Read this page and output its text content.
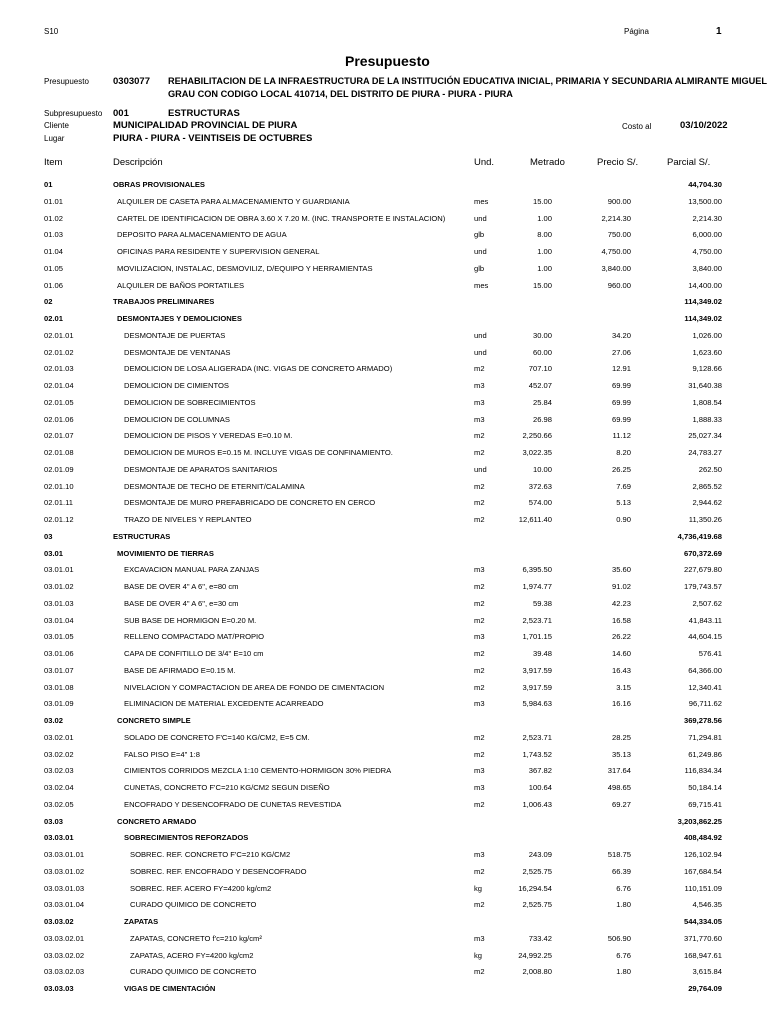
S10	Página	1
Presupuesto
Presupuesto	0303077 REHABILITACION DE LA INFRAESTRUCTURA DE LA INSTITUCIÓN EDUCATIVA INICIAL, PRIMARIA Y SECUNDARIA ALMIRANTE MIGUEL
GRAU CON CODIGO LOCAL 410714, DEL DISTRITO DE PIURA - PIURA - PIURA
Subpresupuesto 001	ESTRUCTURAS
Cliente	MUNICIPALIDAD PROVINCIAL DE PIURA	Costo al	03/10/2022
Lugar	PIURA - PIURA - VEINTISEIS DE OCTUBRES
Item	Descripción	Und.	Metrado	Precio S/.	Parcial S/.
01	OBRAS PROVISIONALES	44,704.30
01.01	ALQUILER DE CASETA PARA ALMACENAMIENTO Y GUARDIANIA	mes	15.00	900.00	13,500.00
01.02	CARTEL DE IDENTIFICACION DE OBRA 3.60 X 7.20 M. (INC. TRANSPORTE E INSTALACION)	und	1.00	2,214.30	2,214.30
01.03	DEPOSITO PARA ALMACENAMIENTO DE AGUA	glb	8.00	750.00	6,000.00
01.04	OFICINAS PARA RESIDENTE Y SUPERVISION GENERAL	und	1.00	4,750.00	4,750.00
01.05	MOVILIZACION, INSTALAC, DESMOVILIZ, D/EQUIPO Y HERRAMIENTAS	glb	1.00	3,840.00	3,840.00
01.06	ALQUILER DE BAÑOS PORTATILES	mes	15.00	960.00	14,400.00
02	TRABAJOS PRELIMINARES	114,349.02
02.01	DESMONTAJES Y DEMOLICIONES	114,349.02
02.01.01	DESMONTAJE DE PUERTAS	und	30.00	34.20	1,026.00
02.01.02	DESMONTAJE DE VENTANAS	und	60.00	27.06	1,623.60
02.01.03	DEMOLICION DE LOSA ALIGERADA (INC. VIGAS DE CONCRETO ARMADO)	m2	707.10	12.91	9,128.66
02.01.04	DEMOLICION DE CIMIENTOS	m3	452.07	69.99	31,640.38
02.01.05	DEMOLICION DE SOBRECIMIENTOS	m3	25.84	69.99	1,808.54
02.01.06	DEMOLICION DE COLUMNAS	m3	26.98	69.99	1,888.33
02.01.07	DEMOLICION DE PISOS Y VEREDAS E=0.10 M.	m2	2,250.66	11.12	25,027.34
02.01.08	DEMOLICION DE MUROS E=0.15 M. INCLUYE VIGAS DE CONFINAMIENTO.	m2	3,022.35	8.20	24,783.27
02.01.09	DESMONTAJE DE APARATOS SANITARIOS	und	10.00	26.25	262.50
02.01.10	DESMONTAJE DE TECHO DE ETERNIT/CALAMINA	m2	372.63	7.69	2,865.52
02.01.11	DESMONTAJE DE MURO PREFABRICADO DE CONCRETO EN CERCO	m2	574.00	5.13	2,944.62
02.01.12	TRAZO DE NIVELES Y REPLANTEO	m2	12,611.40	0.90	11,350.26
03	ESTRUCTURAS	4,736,419.68
03.01	MOVIMIENTO DE TIERRAS	670,372.69
03.01.01	EXCAVACION MANUAL PARA ZANJAS	m3	6,395.50	35.60	227,679.80
03.01.02	BASE DE OVER 4" A 6", e=80 cm	m2	1,974.77	91.02	179,743.57
03.01.03	BASE DE OVER 4" A 6", e=30 cm	m2	59.38	42.23	2,507.62
03.01.04	SUB BASE DE HORMIGON E=0.20 M.	m2	2,523.71	16.58	41,843.11
03.01.05	RELLENO COMPACTADO MAT/PROPIO	m3	1,701.15	26.22	44,604.15
03.01.06	CAPA DE CONFITILLO DE 3/4" E=10 cm	m2	39.48	14.60	576.41
03.01.07	BASE DE AFIRMADO E=0.15 M.	m2	3,917.59	16.43	64,366.00
03.01.08	NIVELACION Y COMPACTACION DE AREA DE FONDO DE CIMENTACION	m2	3,917.59	3.15	12,340.41
03.01.09	ELIMINACION DE MATERIAL EXCEDENTE ACARREADO	m3	5,984.63	16.16	96,711.62
03.02	CONCRETO SIMPLE	369,278.56
03.02.01	SOLADO DE CONCRETO F'C=140 KG/CM2, E=5 CM.	m2	2,523.71	28.25	71,294.81
03.02.02	FALSO PISO E=4" 1:8	m2	1,743.52	35.13	61,249.86
03.02.03	CIMIENTOS CORRIDOS MEZCLA 1:10 CEMENTO-HORMIGON 30% PIEDRA	m3	367.82	317.64	116,834.34
03.02.04	CUNETAS, CONCRETO F'C=210 KG/CM2 SEGUN DISEÑO	m3	100.64	498.65	50,184.14
03.02.05	ENCOFRADO Y DESENCOFRADO DE CUNETAS REVESTIDA	m2	1,006.43	69.27	69,715.41
03.03	CONCRETO ARMADO	3,203,862.25
03.03.01	SOBRECIMIENTOS REFORZADOS	408,484.92
03.03.01.01	SOBREC. REF. CONCRETO F'C=210 KG/CM2	m3	243.09	518.75	126,102.94
03.03.01.02	SOBREC. REF. ENCOFRADO Y DESENCOFRADO	m2	2,525.75	66.39	167,684.54
03.03.01.03	SOBREC. REF. ACERO FY=4200 kg/cm2	kg	16,294.54	6.76	110,151.09
03.03.01.04	CURADO QUIMICO DE CONCRETO	m2	2,525.75	1.80	4,546.35
03.03.02	ZAPATAS	544,334.05
03.03.02.01	ZAPATAS, CONCRETO f'c=210 kg/cm²	m3	733.42	506.90	371,770.60
03.03.02.02	ZAPATAS, ACERO FY=4200 kg/cm2	kg	24,992.25	6.76	168,947.61
03.03.02.03	CURADO QUIMICO DE CONCRETO	m2	2,008.80	1.80	3,615.84
03.03.03	VIGAS DE CIMENTACIÓN	29,764.09
